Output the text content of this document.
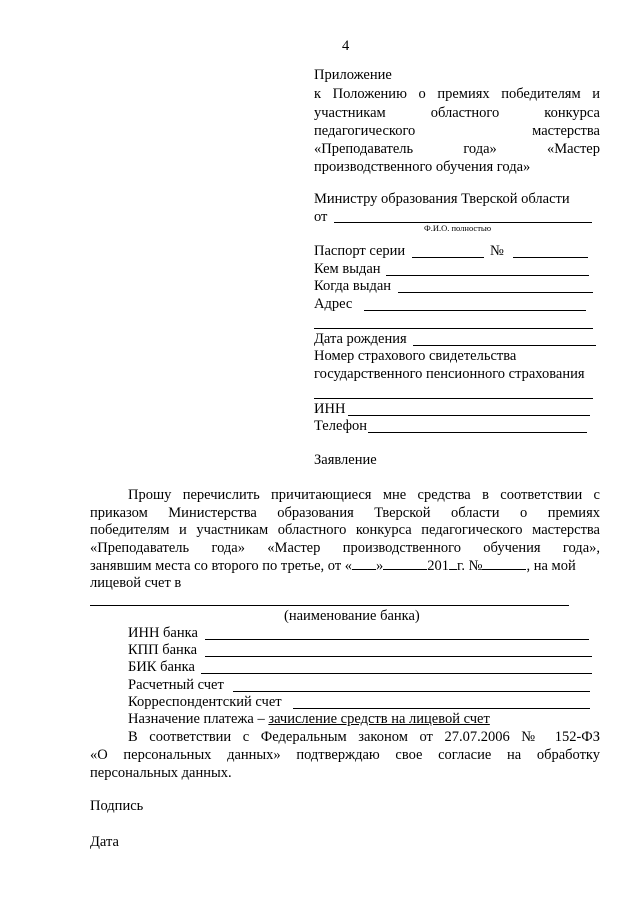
4
Приложение
к Положению о премиях победителям и
участникам областного конкурса
педагогического мастерства
«Преподаватель года» «Мастер
производственного обучения года»
Министру образования Тверской области
от
Ф.И.О. полностью
Паспорт серии	№
Кем выдан
Когда выдан
Адрес
Дата рождения
Номер страхового свидетельства
государственного пенсионного страхования
ИНН
Телефон
Заявление
Прошу перечислить причитающиеся мне средства в соответствии с
приказом Министерства образования Тверской области о премиях
победителям и участникам областного конкурса педагогического мастерства
«Преподаватель года» «Мастер производственного обучения года»,
занявшим места со второго по третье, от « »	201 г. №	, на мой
лицевой счет в
(наименование банка)
ИНН банка
КПП банка
БИК банка
Расчетный счет
Корреспондентский счет
Назначение платежа – зачисление средств на лицевой счет
В соответствии с Федеральным законом от 27.07.2006 № 152-ФЗ
«О персональных данных» подтверждаю свое согласие на обработку
персональных данных.
Подпись
Дата
